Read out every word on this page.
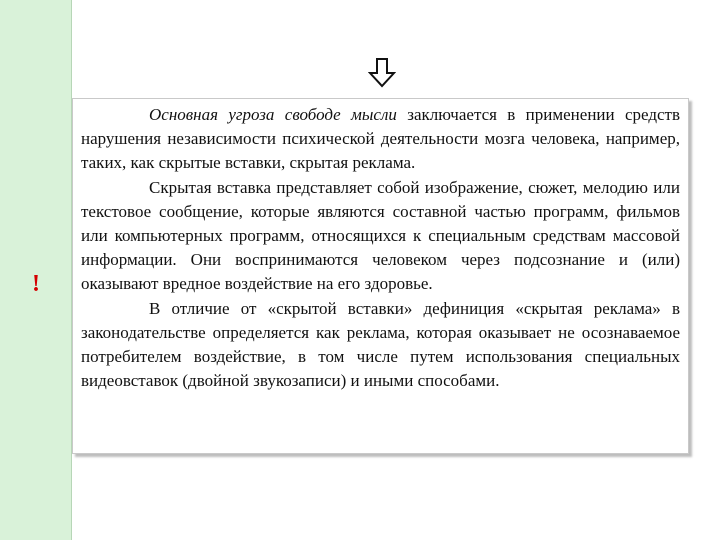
!

Основная угроза свободе мысли заключается в применении средств нарушения независимости психической деятельности мозга человека, например, таких, как скрытые вставки, скрытая реклама.

Скрытая вставка представляет собой изображение, сюжет, мелодию или текстовое сообщение, которые являются составной частью программ, фильмов или компьютерных программ, относящихся к специальным средствам массовой информации. Они воспринимаются человеком через подсознание и (или) оказывают вредное воздействие на его здоровье.

В отличие от «скрытой вставки» дефиниция «скрытая реклама» в законодательстве определяется как реклама, которая оказывает не осознаваемое потребителем воздействие, в том числе путем использования специальных видеовставок (двойной звукозаписи) и иными способами.
